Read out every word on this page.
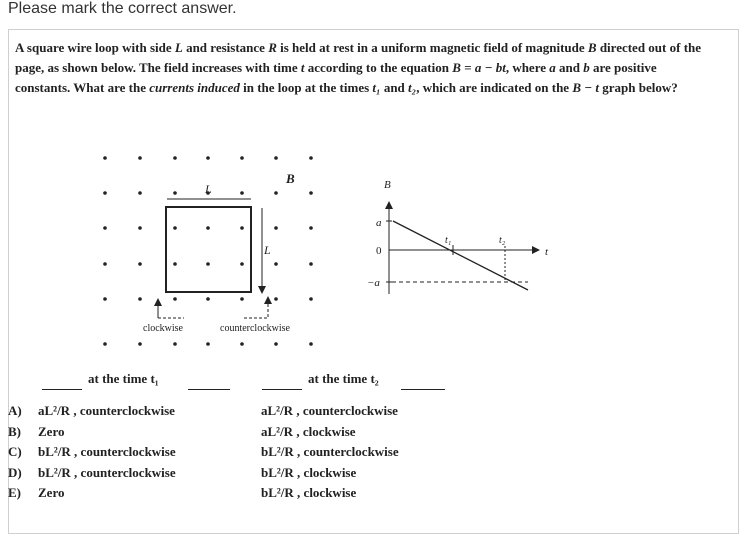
Please mark the correct answer.

A square wire loop with side L and resistance R is held at rest in a uniform magnetic field of magnitude B directed out of the page, as shown below. The field increases with time t according to the equation B = a − bt, where a and b are positive constants. What are the currents induced in the loop at the times t₁ and t₂, which are indicated on the B − t graph below?

L
B
L
clockwise	counterclockwise
B
t
a
0
−a
t₁	t₂
at the time t₁	at the time t₂
A) aL²/R , counterclockwise	aL²/R , counterclockwise
B) Zero	aL²/R , clockwise
C) bL²/R , counterclockwise	bL²/R , counterclockwise
D) bL²/R , counterclockwise	bL²/R , clockwise
E) Zero	bL²/R , clockwise
